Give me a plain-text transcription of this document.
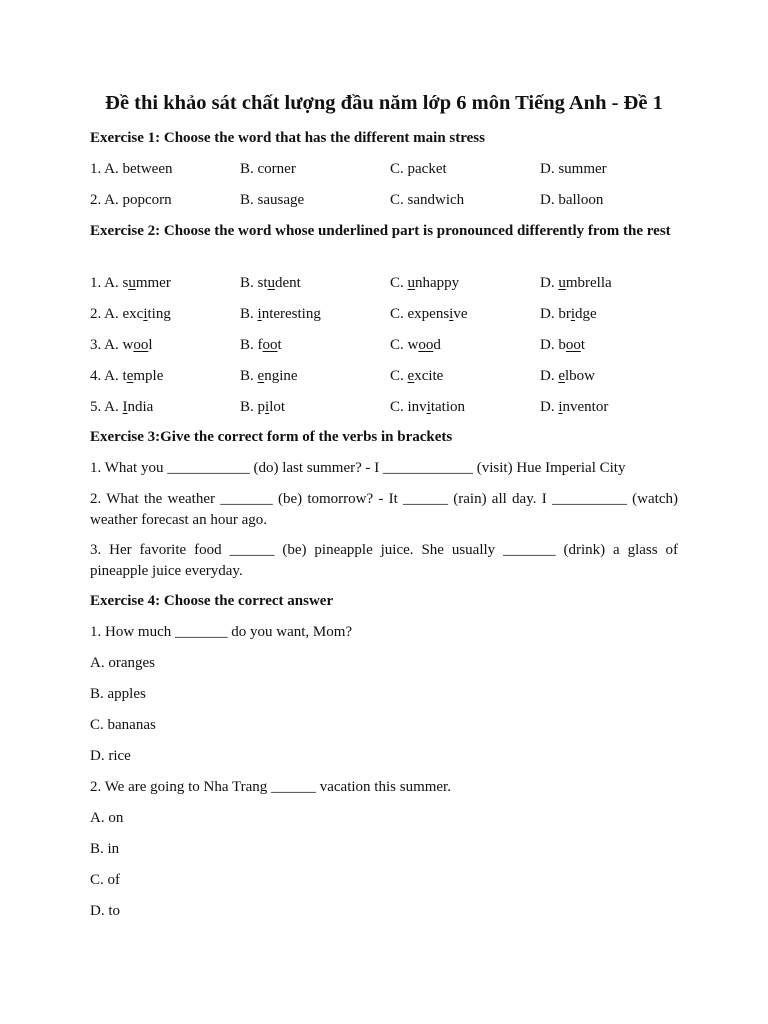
Đề thi khảo sát chất lượng đầu năm lớp 6 môn Tiếng Anh - Đề 1
Exercise 1: Choose the word that has the different main stress
1. A. between	B. corner	C. packet	D. summer
2. A. popcorn	B. sausage	C. sandwich	D. balloon
Exercise 2: Choose the word whose underlined part is pronounced differently from the rest
1. A. summer	B. student	C. unhappy	D. umbrella
2. A. exciting	B. interesting	C. expensive	D. bridge
3. A. wool	B. foot	C. wood	D. boot
4. A. temple	B. engine	C. excite	D. elbow
5. A. India	B. pilot	C. invitation	D. inventor
Exercise 3:Give the correct form of the verbs in brackets
1. What you ___________ (do) last summer? - I ____________ (visit) Hue Imperial City
2. What the weather _______ (be) tomorrow? - It ______ (rain) all day. I __________ (watch) weather forecast an hour ago.
3. Her favorite food ______ (be) pineapple juice. She usually _______ (drink) a glass of pineapple juice everyday.
Exercise 4: Choose the correct answer
1. How much _______ do you want, Mom?
A. oranges
B. apples
C. bananas
D. rice
2. We are going to Nha Trang ______ vacation this summer.
A. on
B. in
C. of
D. to
